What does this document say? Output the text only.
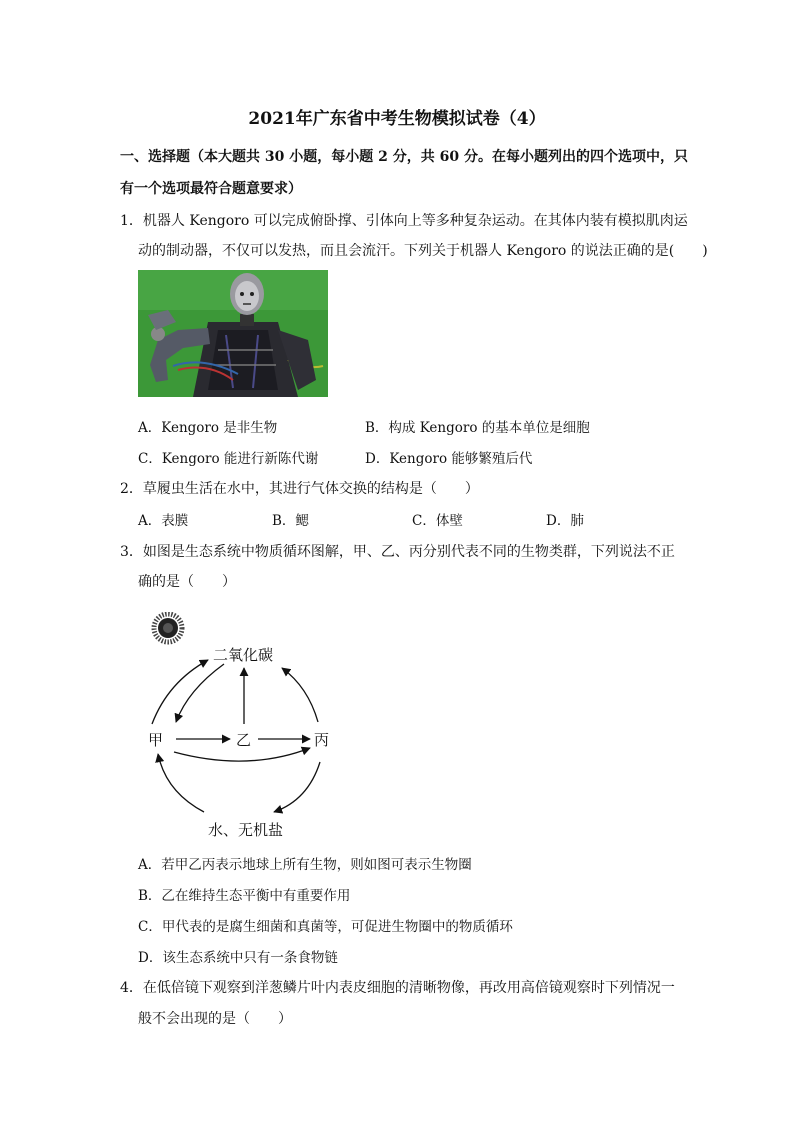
2021年广东省中考生物模拟试卷（4）
一、选择题（本大题共 30 小题，每小题 2 分，共 60 分。在每小题列出的四个选项中，只
有一个选项最符合题意要求）
1．机器人 Kengoro 可以完成俯卧撑、引体向上等多种复杂运动。在其体内装有模拟肌肉运
动的制动器，不仅可以发热，而且会流汗。下列关于机器人 Kengoro 的说法正确的是(　　)
A．Kengoro 是非生物	B．构成 Kengoro 的基本单位是细胞
C．Kengoro 能进行新陈代谢	D．Kengoro 能够繁殖后代
2．草履虫生活在水中，其进行气体交换的结构是（　　）
A．表膜	B．鳃	C．体壁	D．肺
3．如图是生态系统中物质循环图解，甲、乙、丙分别代表不同的生物类群，下列说法不正
确的是（　　）
二氧化碳
甲	乙	丙
水、无机盐
A．若甲乙丙表示地球上所有生物，则如图可表示生物圈
B．乙在维持生态平衡中有重要作用
C．甲代表的是腐生细菌和真菌等，可促进生物圈中的物质循环
D．该生态系统中只有一条食物链
4．在低倍镜下观察到洋葱鳞片叶内表皮细胞的清晰物像，再改用高倍镜观察时下列情况一
般不会出现的是（　　）
